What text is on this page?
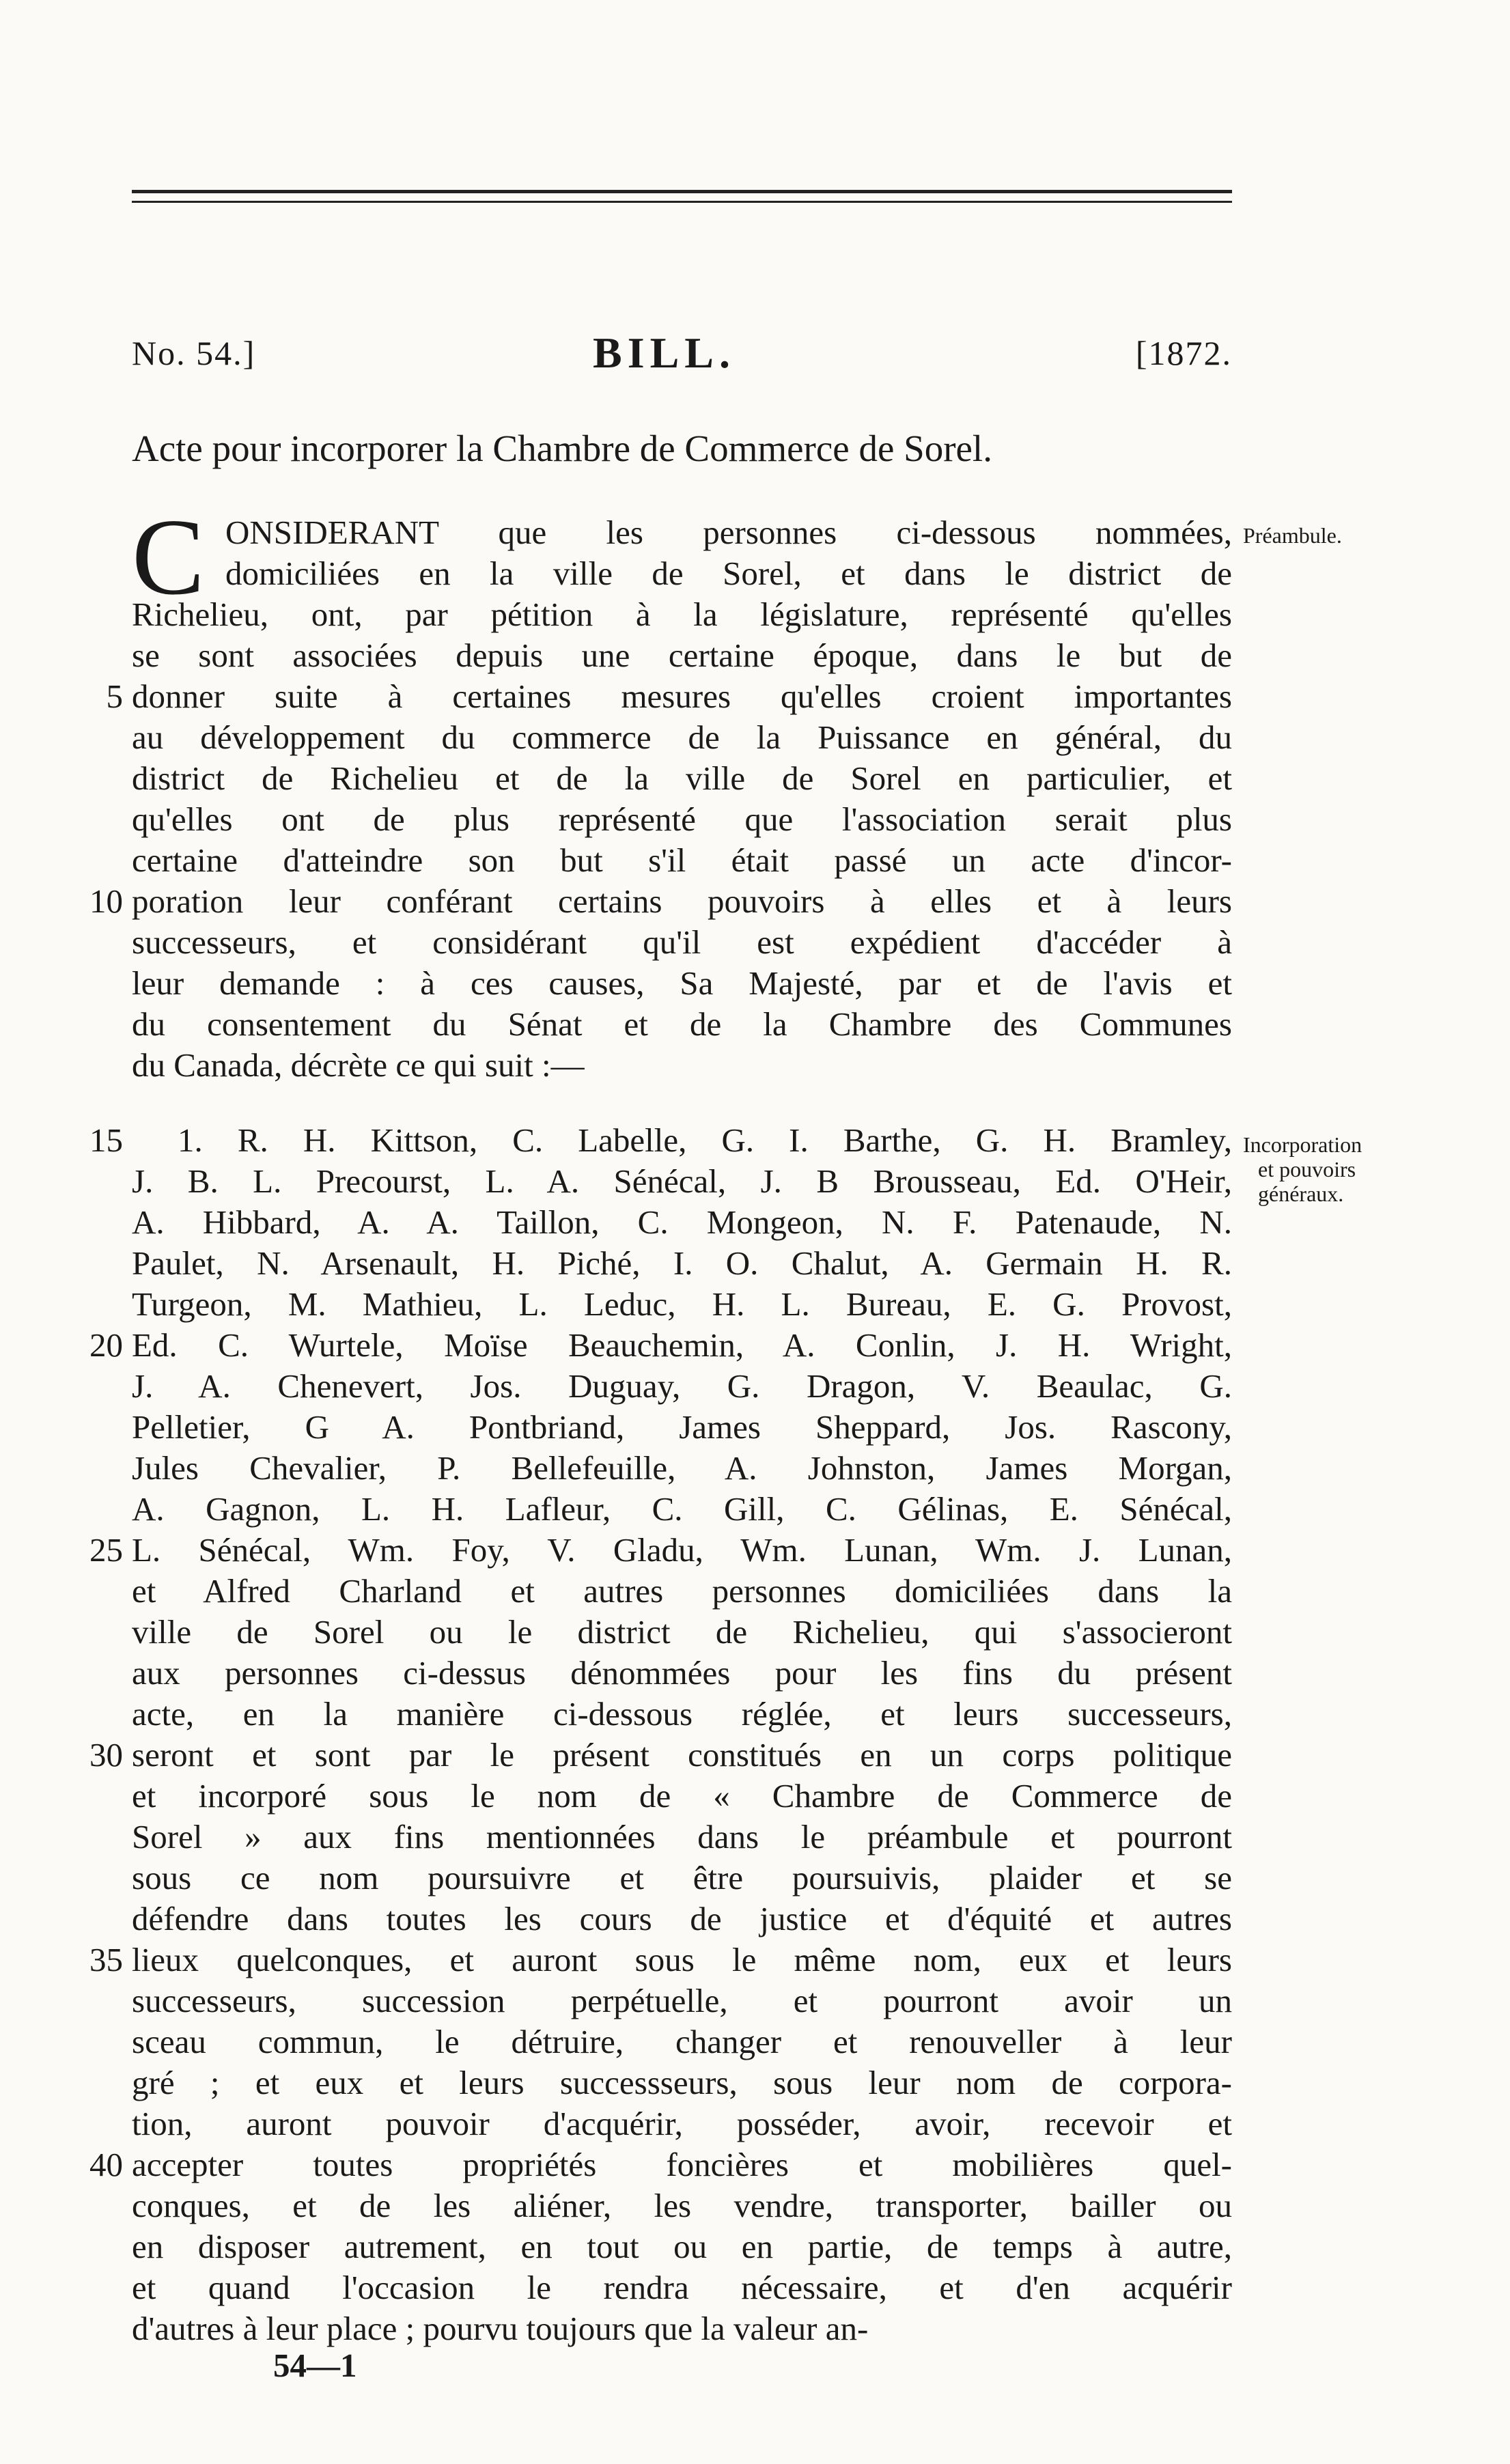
No. 54.]	BILL.	[1872.
Acte pour incorporer la Chambre de Commerce de Sorel.
C	Préambule.
ONSIDERANT que les personnes ci-dessous nommées,
domiciliées en la ville de Sorel, et dans le district de
Richelieu, ont, par pétition à la législature, représenté qu'elles
se sont associées depuis une certaine époque, dans le but de
donner suite à certaines mesures qu'elles croient importantes
au développement du commerce de la Puissance en général, du
district de Richelieu et de la ville de Sorel en particulier, et
qu'elles ont de plus représenté que l'association serait plus
certaine d'atteindre son but s'il était passé un acte d'incor-
poration leur conférant certains pouvoirs à elles et à leurs
successeurs, et considérant qu'il est expédient d'accéder à
leur demande : à ces causes, Sa Majesté, par et de l'avis et
du consentement du Sénat et de la Chambre des Communes
du Canada, décrète ce qui suit :—
Incorporation
et pouvoirs
généraux.
1. R. H. Kittson, C. Labelle, G. I. Barthe, G. H. Bramley,
J. B. L. Precourst, L. A. Sénécal, J. B Brousseau, Ed. O'Heir,
A. Hibbard, A. A. Taillon, C. Mongeon, N. F. Patenaude, N.
Paulet, N. Arsenault, H. Piché, I. O. Chalut, A. Germain H. R.
Turgeon, M. Mathieu, L. Leduc, H. L. Bureau, E. G. Provost,
Ed. C. Wurtele, Moïse Beauchemin, A. Conlin, J. H. Wright,
J. A. Chenevert, Jos. Duguay, G. Dragon, V. Beaulac, G.
Pelletier, G A. Pontbriand, James Sheppard, Jos. Rascony,
Jules Chevalier, P. Bellefeuille, A. Johnston, James Morgan,
A. Gagnon, L. H. Lafleur, C. Gill, C. Gélinas, E. Sénécal,
L. Sénécal, Wm. Foy, V. Gladu, Wm. Lunan, Wm. J. Lunan,
et Alfred Charland et autres personnes domiciliées dans la
ville de Sorel ou le district de Richelieu, qui s'associeront
aux personnes ci-dessus dénommées pour les fins du présent
acte, en la manière ci-dessous réglée, et leurs successeurs,
seront et sont par le présent constitués en un corps politique
et incorporé sous le nom de « Chambre de Commerce de
Sorel » aux fins mentionnées dans le préambule et pourront
sous ce nom poursuivre et être poursuivis, plaider et se
défendre dans toutes les cours de justice et d'équité et autres
lieux quelconques, et auront sous le même nom, eux et leurs
successeurs, succession perpétuelle, et pourront avoir un
sceau commun, le détruire, changer et renouveller à leur
gré ; et eux et leurs successseurs, sous leur nom de corpora-
tion, auront pouvoir d'acquérir, posséder, avoir, recevoir et
accepter toutes propriétés foncières et mobilières quel-
conques, et de les aliéner, les vendre, transporter, bailler ou
en disposer autrement, en tout ou en partie, de temps à autre,
et quand l'occasion le rendra nécessaire, et d'en acquérir
d'autres à leur place ; pourvu toujours que la valeur an-
5
10
15
20
25
30
35
40
54—1
